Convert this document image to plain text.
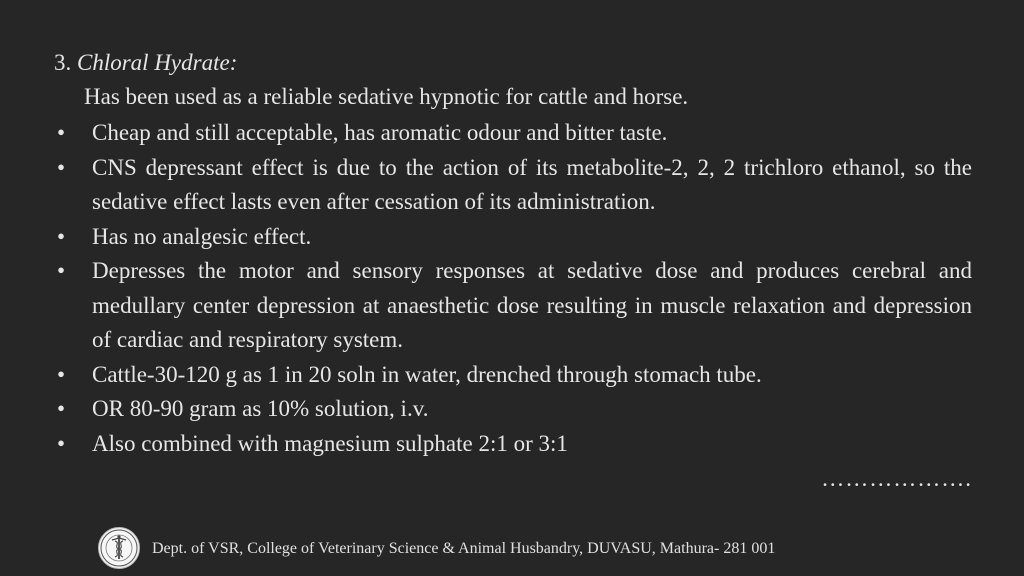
3. Chloral Hydrate:
Has been used as a reliable sedative hypnotic for cattle and horse.
• Cheap and still acceptable, has aromatic odour and bitter taste.
• CNS depressant effect is due to the action of its metabolite-2, 2, 2 trichloro ethanol, so the sedative effect lasts even after cessation of its administration.
• Has no analgesic effect.
• Depresses the motor and sensory responses at sedative dose and produces cerebral and medullary center depression at anaesthetic dose resulting in muscle relaxation and depression of cardiac and respiratory system.
• Cattle-30-120 g as 1 in 20 soln in water, drenched through stomach tube.
• OR 80-90 gram as 10% solution, i.v.
• Also combined with magnesium sulphate 2:1 or 3:1
……………….
Dept. of VSR, College of Veterinary Science & Animal Husbandry, DUVASU, Mathura- 281 001
